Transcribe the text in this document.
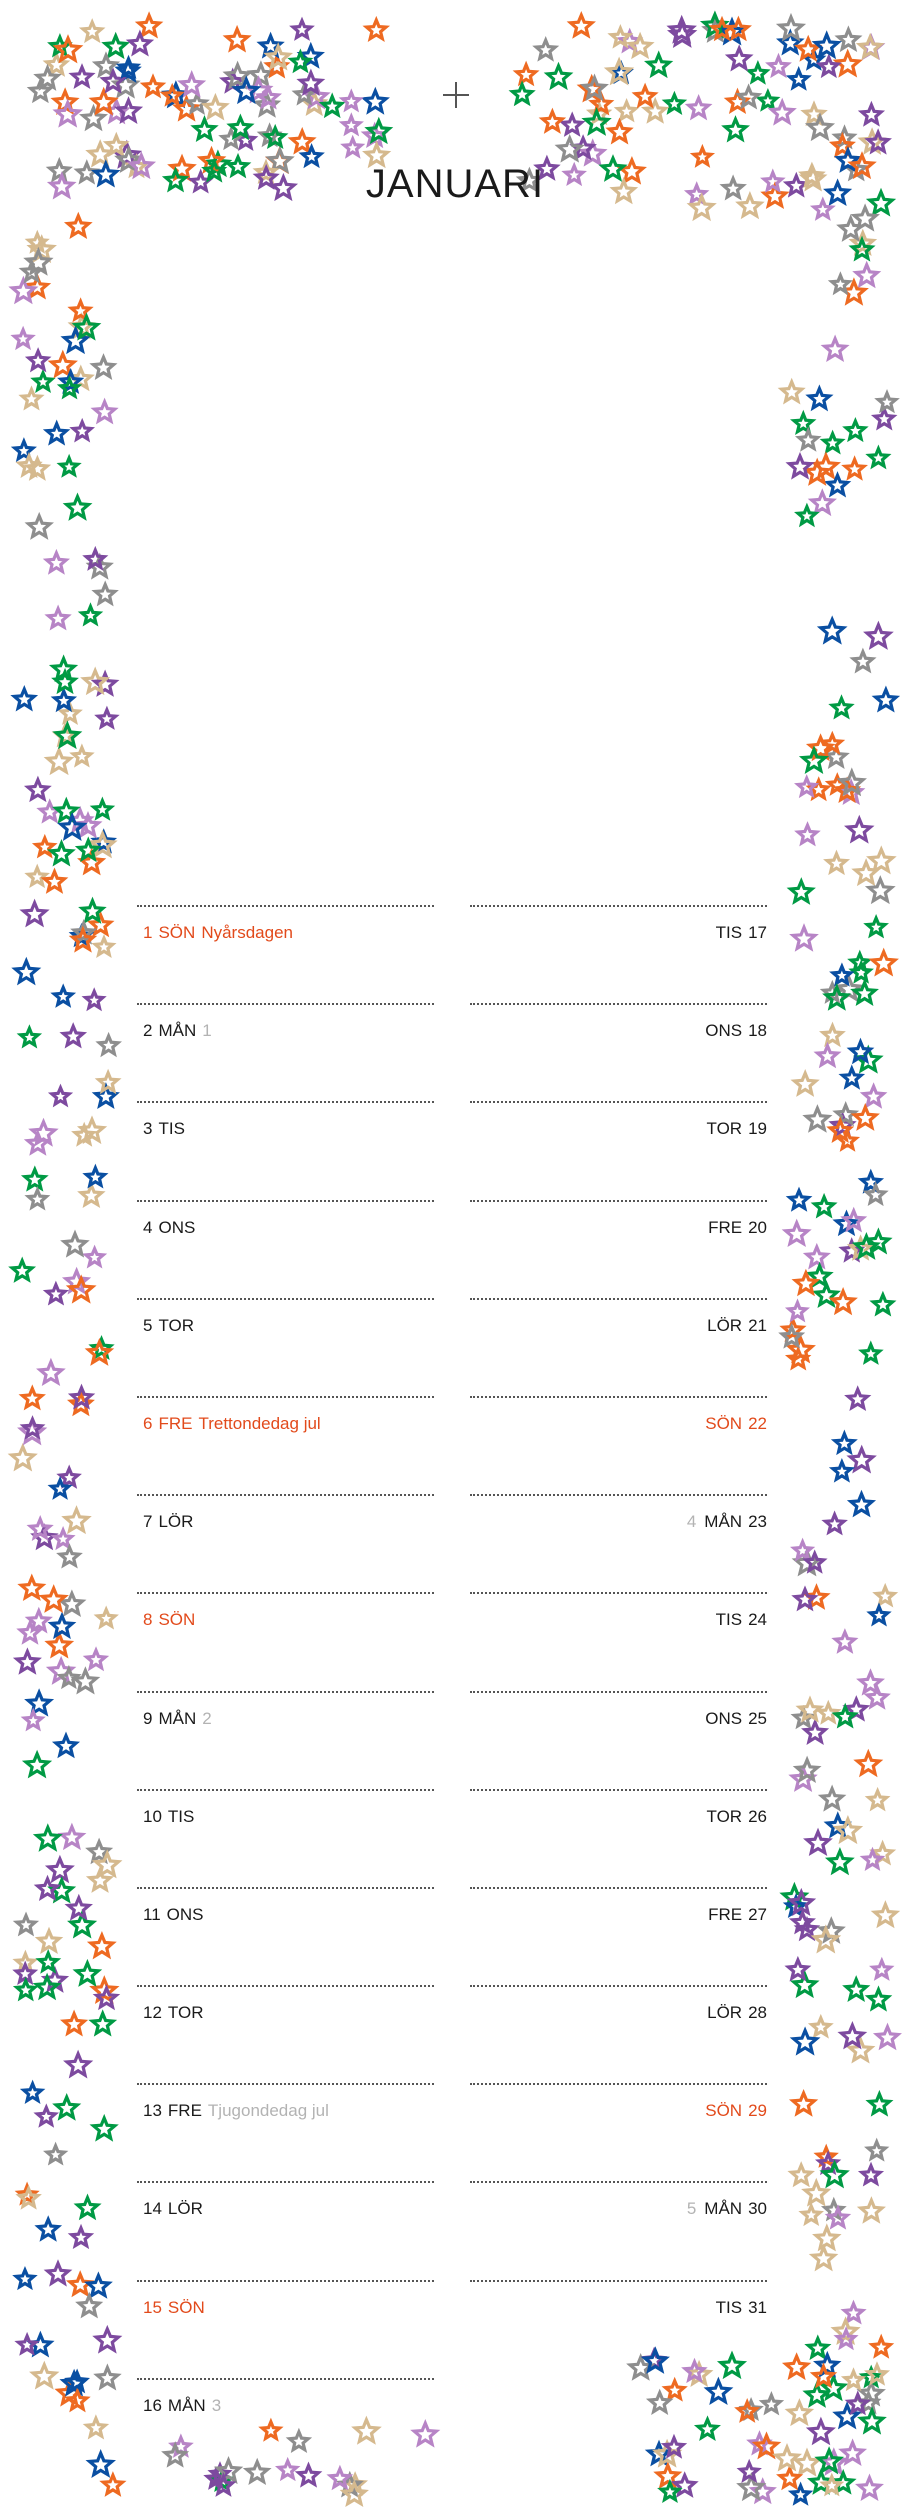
JANUARI
1 SÖN Nyårsdagen
2 MÅN 1
3 TIS
4 ONS
5 TOR
6 FRE Trettondedag jul
7 LÖR
8 SÖN
9 MÅN 2
10 TIS
11 ONS
12 TOR
13 FRE Tjugondedag jul
14 LÖR
15 SÖN
16 MÅN 3
TIS 17
ONS 18
TOR 19
FRE 20
LÖR 21
SÖN 22
4 MÅN 23
TIS 24
ONS 25
TOR 26
FRE 27
LÖR 28
SÖN 29
5 MÅN 30
TIS 31
